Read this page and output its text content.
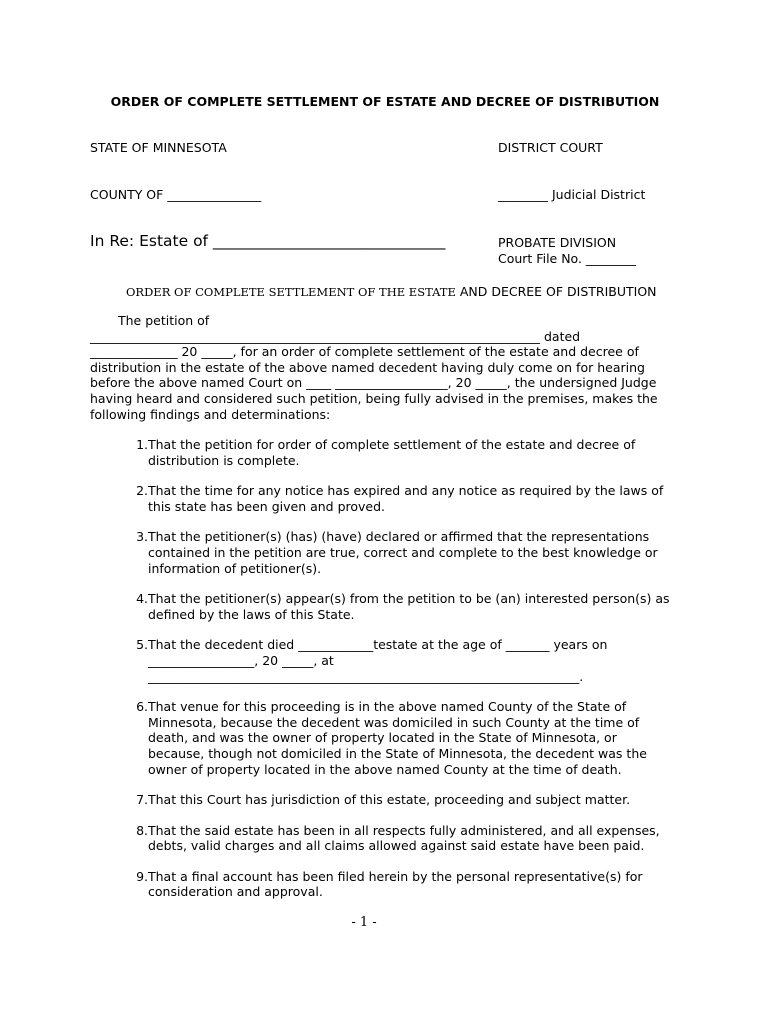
ORDER OF COMPLETE SETTLEMENT OF ESTATE AND DECREE OF DISTRIBUTION
STATE OF MINNESOTA	DISTRICT COURT
COUNTY OF _______________	________ Judicial District
In Re: Estate of ______________________________	PROBATE DIVISION
Court File No. ________
ORDER OF COMPLETE SETTLEMENT OF THE ESTATE AND DECREE OF DISTRIBUTION
The petition of
________________________________________________________________________ dated
______________ 20 _____, for an order of complete settlement of the estate and decree of
distribution in the estate of the above named decedent having duly come on for hearing
before the above named Court on ____ __________________, 20 _____, the undersigned Judge
having heard and considered such petition, being fully advised in the premises, makes the
following findings and determinations:
1. That the petition for order of complete settlement of the estate and decree of
distribution is complete.
2. That the time for any notice has expired and any notice as required by the laws of
this state has been given and proved.
3. That the petitioner(s) (has) (have) declared or affirmed that the representations
contained in the petition are true, correct and complete to the best knowledge or
information of petitioner(s).
4. That the petitioner(s) appear(s) from the petition to be (an) interested person(s) as
defined by the laws of this State.
5. That the decedent died ____________testate at the age of _______ years on
_________________, 20 _____, at
_____________________________________________________________________.
6. That venue for this proceeding is in the above named County of the State of
Minnesota, because the decedent was domiciled in such County at the time of
death, and was the owner of property located in the State of Minnesota, or
because, though not domiciled in the State of Minnesota, the decedent was the
owner of property located in the above named County at the time of death.
7. That this Court has jurisdiction of this estate, proceeding and subject matter.
8. That the said estate has been in all respects fully administered, and all expenses,
debts, valid charges and all claims allowed against said estate have been paid.
9. That a final account has been filed herein by the personal representative(s) for
consideration and approval.
- 1 -
